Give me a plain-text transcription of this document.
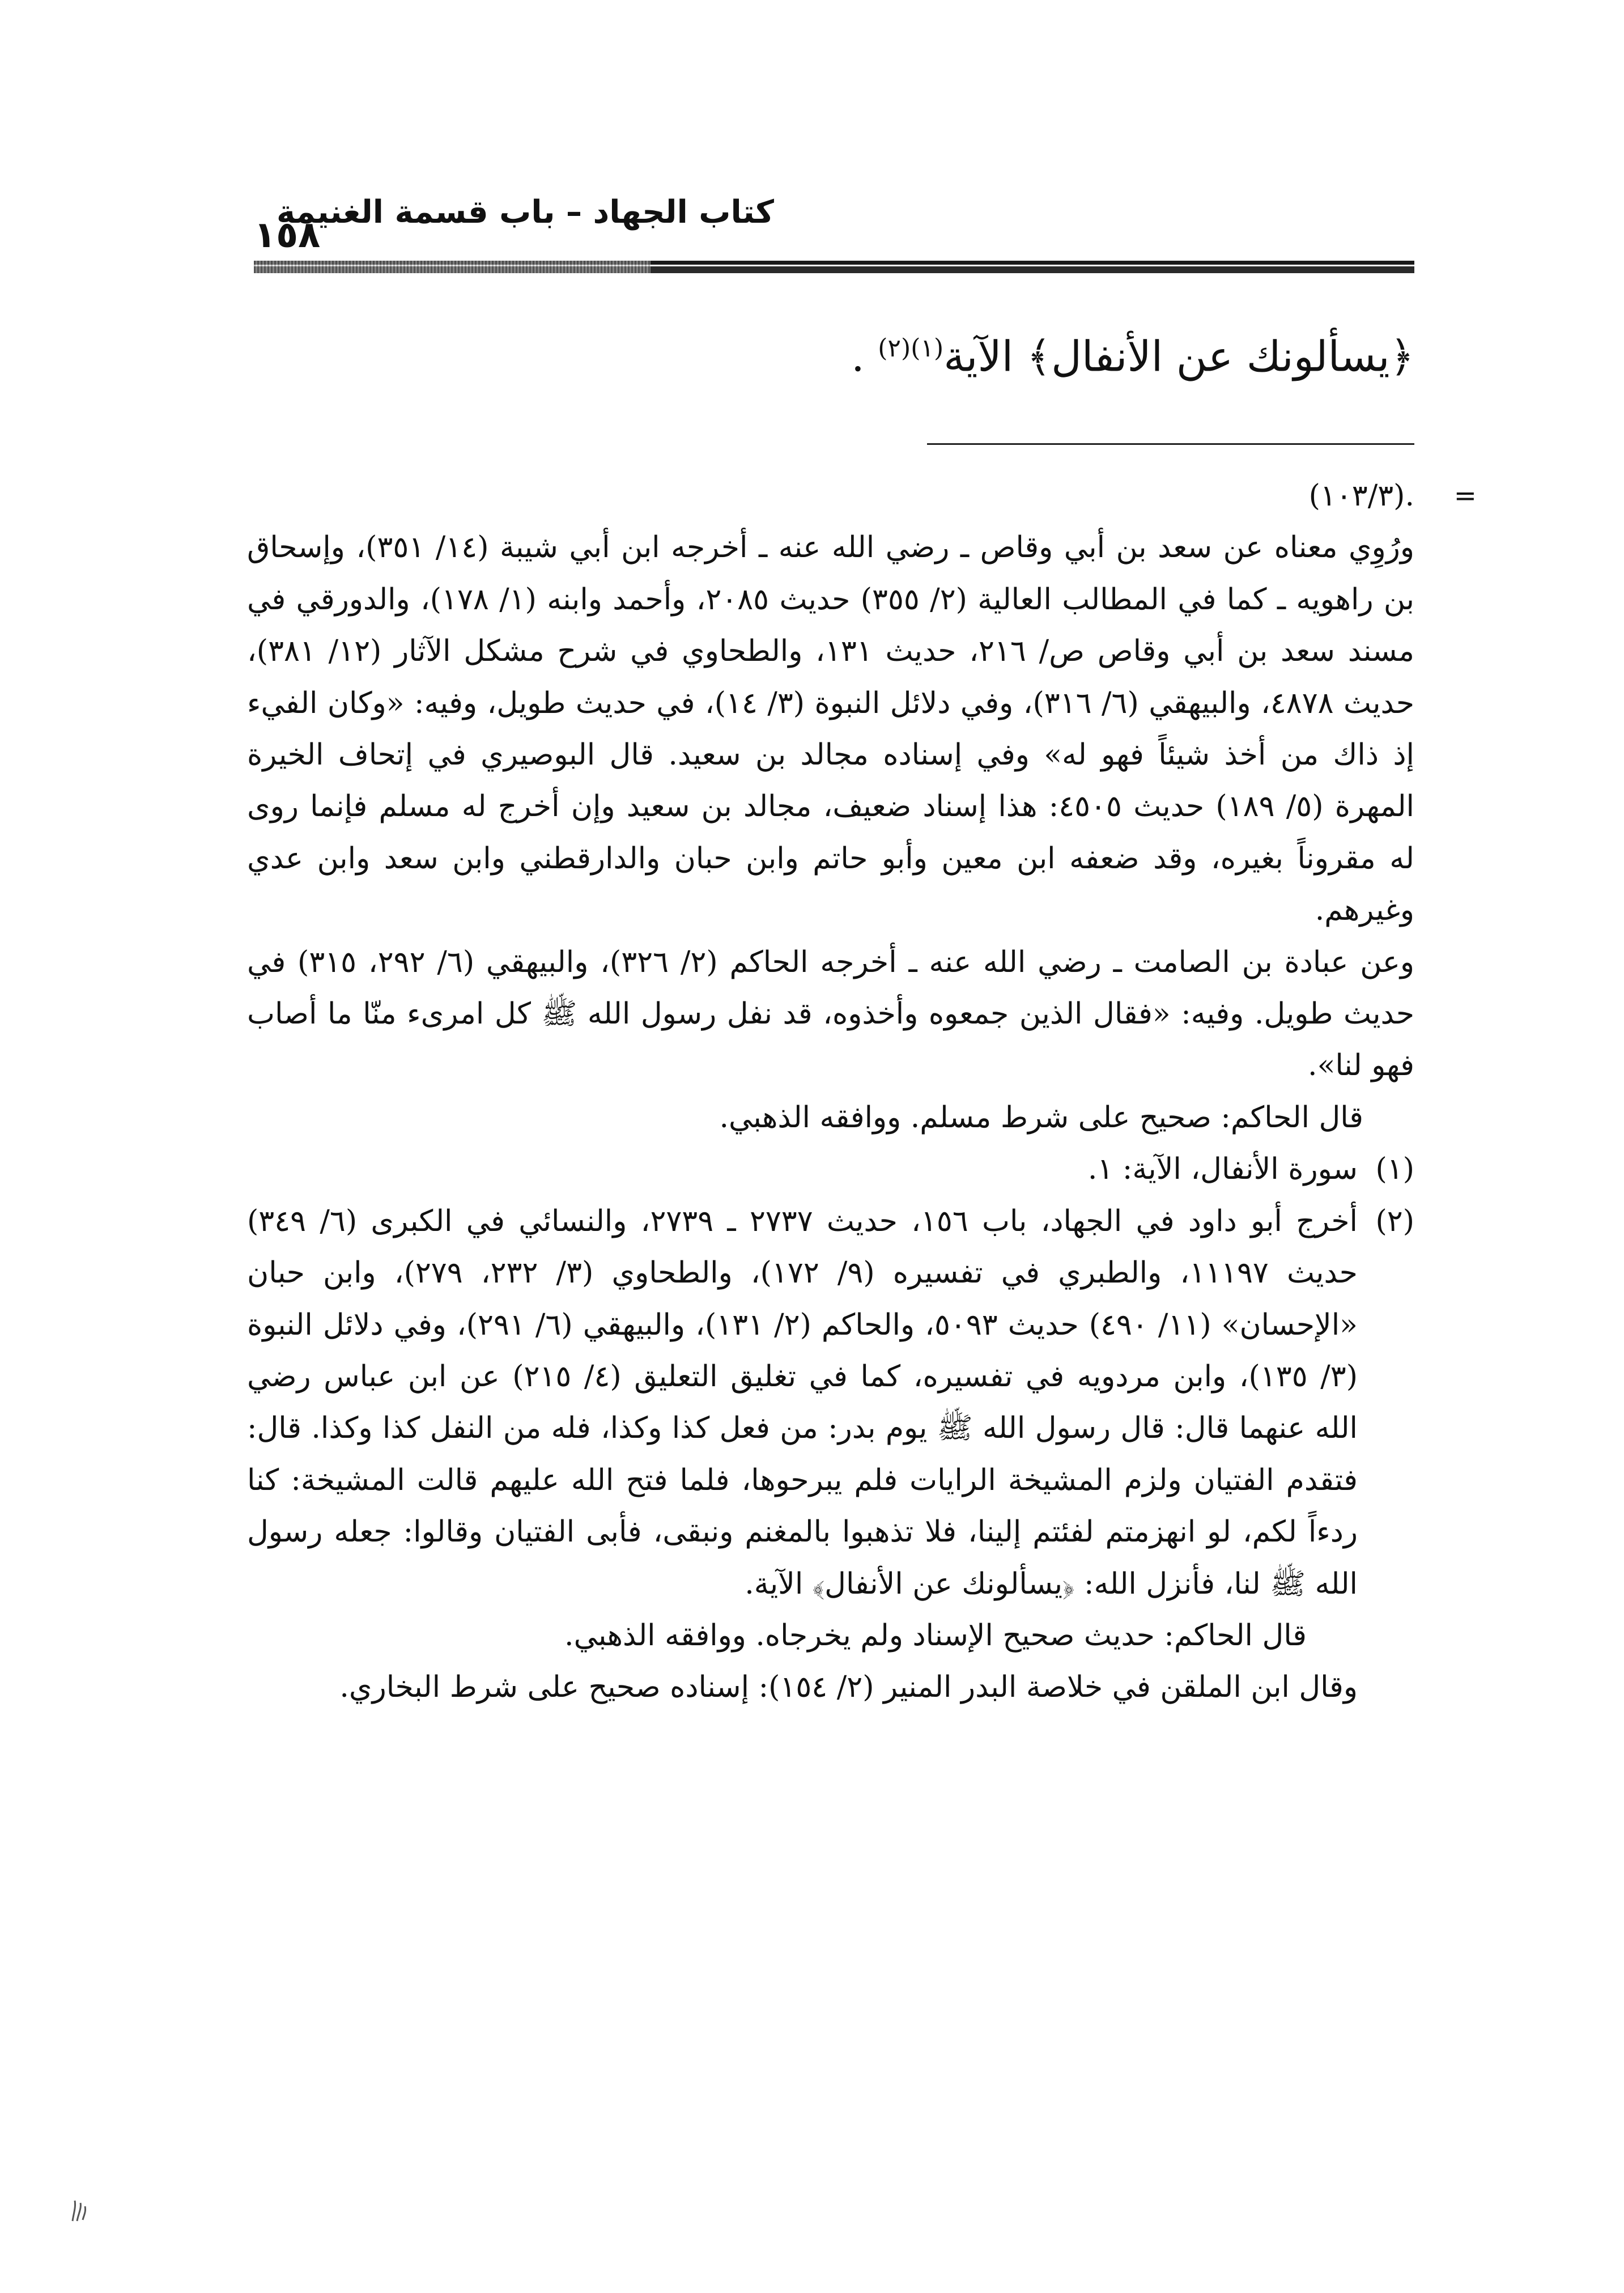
كتاب الجهاد – باب قسمة الغنيمة
١٥٨
﴿يسألونك عن الأنفال﴾ الآية$^{(١)(٢)}$ .

=
.(١٠٣/٣)

ورُوِي معناه عن سعد بن أبي وقاص ـ رضي الله عنه ـ أخرجه ابن أبي شيبة (١٤/ ٣٥١)، وإسحاق بن راهويه ـ كما في المطالب العالية (٢/ ٣٥٥) حديث ٢٠٨٥، وأحمد وابنه (١/ ١٧٨)، والدورقي في مسند سعد بن أبي وقاص ص/ ٢١٦، حديث ١٣١، والطحاوي في شرح مشكل الآثار (١٢/ ٣٨١)، حديث ٤٨٧٨، والبيهقي (٦/ ٣١٦)، وفي دلائل النبوة (٣/ ١٤)، في حديث طويل، وفيه: «وكان الفيء إذ ذاك من أخذ شيئاً فهو له» وفي إسناده مجالد بن سعيد. قال البوصيري في إتحاف الخيرة المهرة (٥/ ١٨٩) حديث ٤٥٠٥: هذا إسناد ضعيف، مجالد بن سعيد وإن أخرج له مسلم فإنما روى له مقروناً بغيره، وقد ضعفه ابن معين وأبو حاتم وابن حبان والدارقطني وابن سعد وابن عدي وغيرهم.

وعن عبادة بن الصامت ـ رضي الله عنه ـ أخرجه الحاكم (٢/ ٣٢٦)، والبيهقي (٦/ ٢٩٢، ٣١٥) في حديث طويل. وفيه: «فقال الذين جمعوه وأخذوه، قد نفل رسول الله ﷺ كل امرىء منّا ما أصاب فهو لنا».

قال الحاكم: صحيح على شرط مسلم. ووافقه الذهبي.

(١)
سورة الأنفال، الآية: ١.
(٢)
أخرج أبو داود في الجهاد، باب ١٥٦، حديث ٢٧٣٧ ـ ٢٧٣٩، والنسائي في الكبرى (٦/ ٣٤٩) حديث ١١١٩٧، والطبري في تفسيره (٩/ ١٧٢)، والطحاوي (٣/ ٢٣٢، ٢٧٩)، وابن حبان «الإحسان» (١١/ ٤٩٠) حديث ٥٠٩٣، والحاكم (٢/ ١٣١)، والبيهقي (٦/ ٢٩١)، وفي دلائل النبوة (٣/ ١٣٥)، وابن مردويه في تفسيره، كما في تغليق التعليق (٤/ ٢١٥) عن ابن عباس رضي الله عنهما قال: قال رسول الله ﷺ يوم بدر: من فعل كذا وكذا، فله من النفل كذا وكذا. قال: فتقدم الفتيان ولزم المشيخة الرايات فلم يبرحوها، فلما فتح الله عليهم قالت المشيخة: كنا ردءاً لكم، لو انهزمتم لفئتم إلينا، فلا تذهبوا بالمغنم ونبقى، فأبى الفتيان وقالوا: جعله رسول الله ﷺ لنا، فأنزل الله: ﴿يسألونك عن الأنفال﴾ الآية.

قال الحاكم: حديث صحيح الإسناد ولم يخرجاه. ووافقه الذهبي.

وقال ابن الملقن في خلاصة البدر المنير (٢/ ١٥٤): إسناده صحيح على شرط البخاري.
